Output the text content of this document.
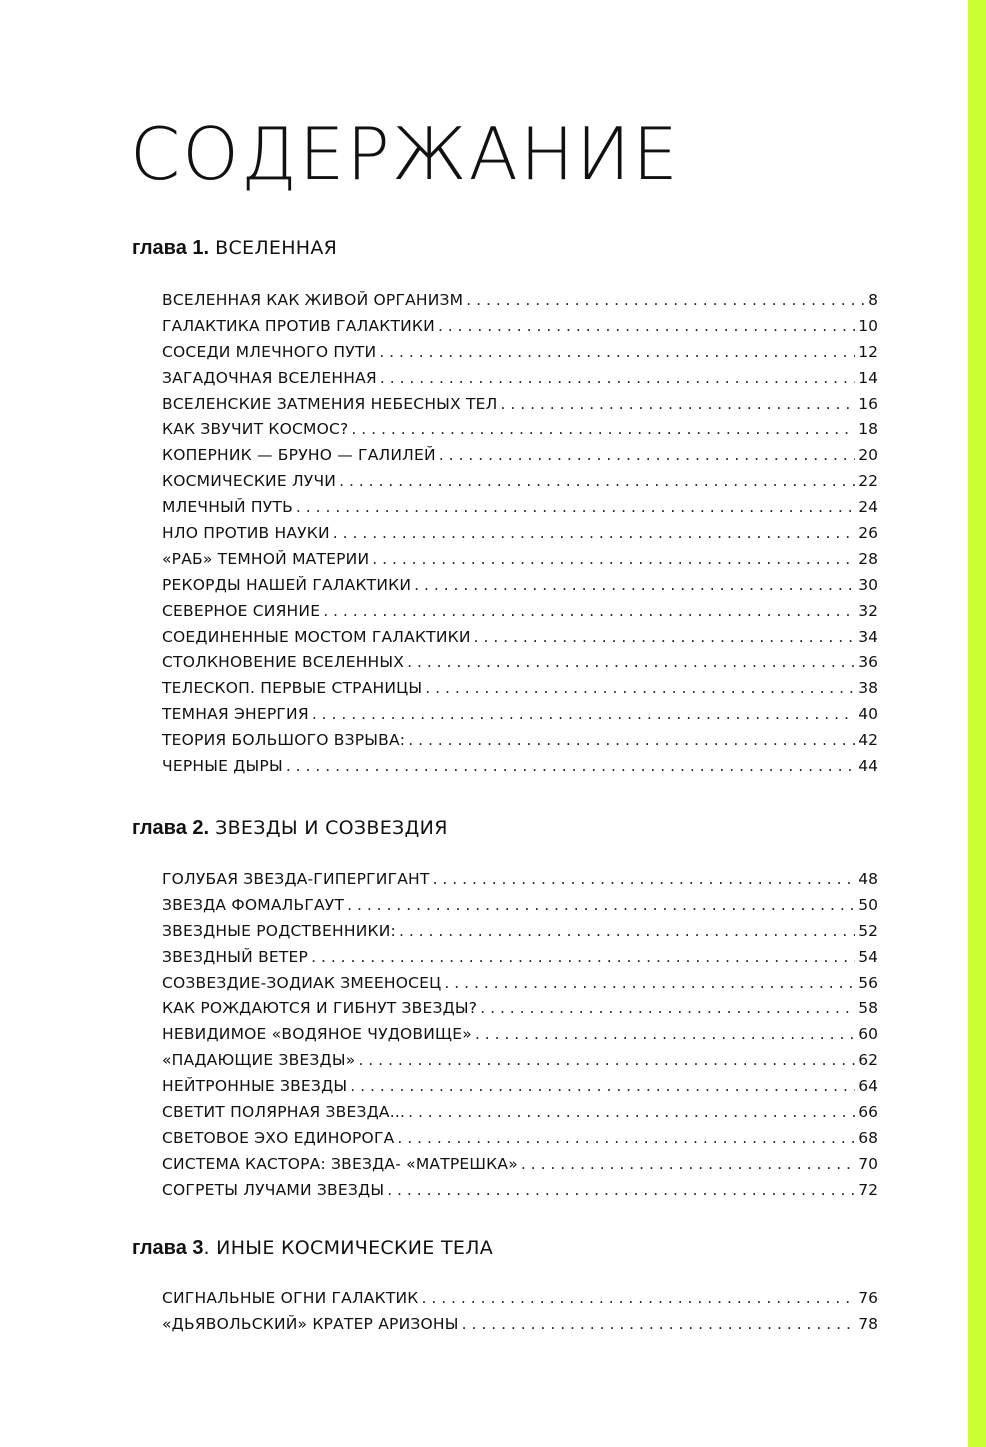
СОДЕРЖАНИЕ
глава 1. ВСЕЛЕННАЯ
ВСЕЛЕННАЯ КАК ЖИВОЙ ОРГАНИЗМ . . .	8
ГАЛАКТИКА ПРОТИВ ГАЛАКТИКИ . . .	10
СОСЕДИ МЛЕЧНОГО ПУТИ . . .	12
ЗАГАДОЧНАЯ ВСЕЛЕННАЯ . . .	14
ВСЕЛЕНСКИЕ ЗАТМЕНИЯ НЕБЕСНЫХ ТЕЛ . . .	16
КАК ЗВУЧИТ КОСМОС? . . .	18
КОПЕРНИК — БРУНО — ГАЛИЛЕЙ . . .	20
КОСМИЧЕСКИЕ ЛУЧИ . . .	22
МЛЕЧНЫЙ ПУТЬ . . .	24
НЛО ПРОТИВ НАУКИ . . .	26
«РАБ» ТЕМНОЙ МАТЕРИИ . . .	28
РЕКОРДЫ НАШЕЙ ГАЛАКТИКИ . . .	30
СЕВЕРНОЕ СИЯНИЕ . . .	32
СОЕДИНЕННЫЕ МОСТОМ ГАЛАКТИКИ . . .	34
СТОЛКНОВЕНИЕ ВСЕЛЕННЫХ . . .	36
ТЕЛЕСКОП. ПЕРВЫЕ СТРАНИЦЫ . . .	38
ТЕМНАЯ ЭНЕРГИЯ . . .	40
ТЕОРИЯ БОЛЬШОГО ВЗРЫВА: . . .	42
ЧЕРНЫЕ ДЫРЫ . . .	44
глава 2. ЗВЕЗДЫ И СОЗВЕЗДИЯ
ГОЛУБАЯ ЗВЕЗДА-ГИПЕРГИГАНТ . . .	48
ЗВЕЗДА ФОМАЛЬГАУТ . . .	50
ЗВЕЗДНЫЕ РОДСТВЕННИКИ: . . .	52
ЗВЕЗДНЫЙ ВЕТЕР . . .	54
СОЗВЕЗДИЕ-ЗОДИАК ЗМЕЕНОСЕЦ . . .	56
КАК РОЖДАЮТСЯ И ГИБНУТ ЗВЕЗДЫ? . . .	58
НЕВИДИМОЕ «ВОДЯНОЕ ЧУДОВИЩЕ» . . .	60
«ПАДАЮЩИЕ ЗВЕЗДЫ» . . .	62
НЕЙТРОННЫЕ ЗВЕЗДЫ . . .	64
СВЕТИТ ПОЛЯРНАЯ ЗВЕЗДА... . . .	66
СВЕТОВОЕ ЭХО ЕДИНОРОГА . . .	68
СИСТЕМА КАСТОРА: ЗВЕЗДА- «МАТРЕШКА» . . .	70
СОГРЕТЫ ЛУЧАМИ ЗВЕЗДЫ . . .	72
глава 3. ИНЫЕ КОСМИЧЕСКИЕ ТЕЛА
СИГНАЛЬНЫЕ ОГНИ ГАЛАКТИК . . .	76
«ДЬЯВОЛЬСКИЙ» КРАТЕР АРИЗОНЫ . . .	78
